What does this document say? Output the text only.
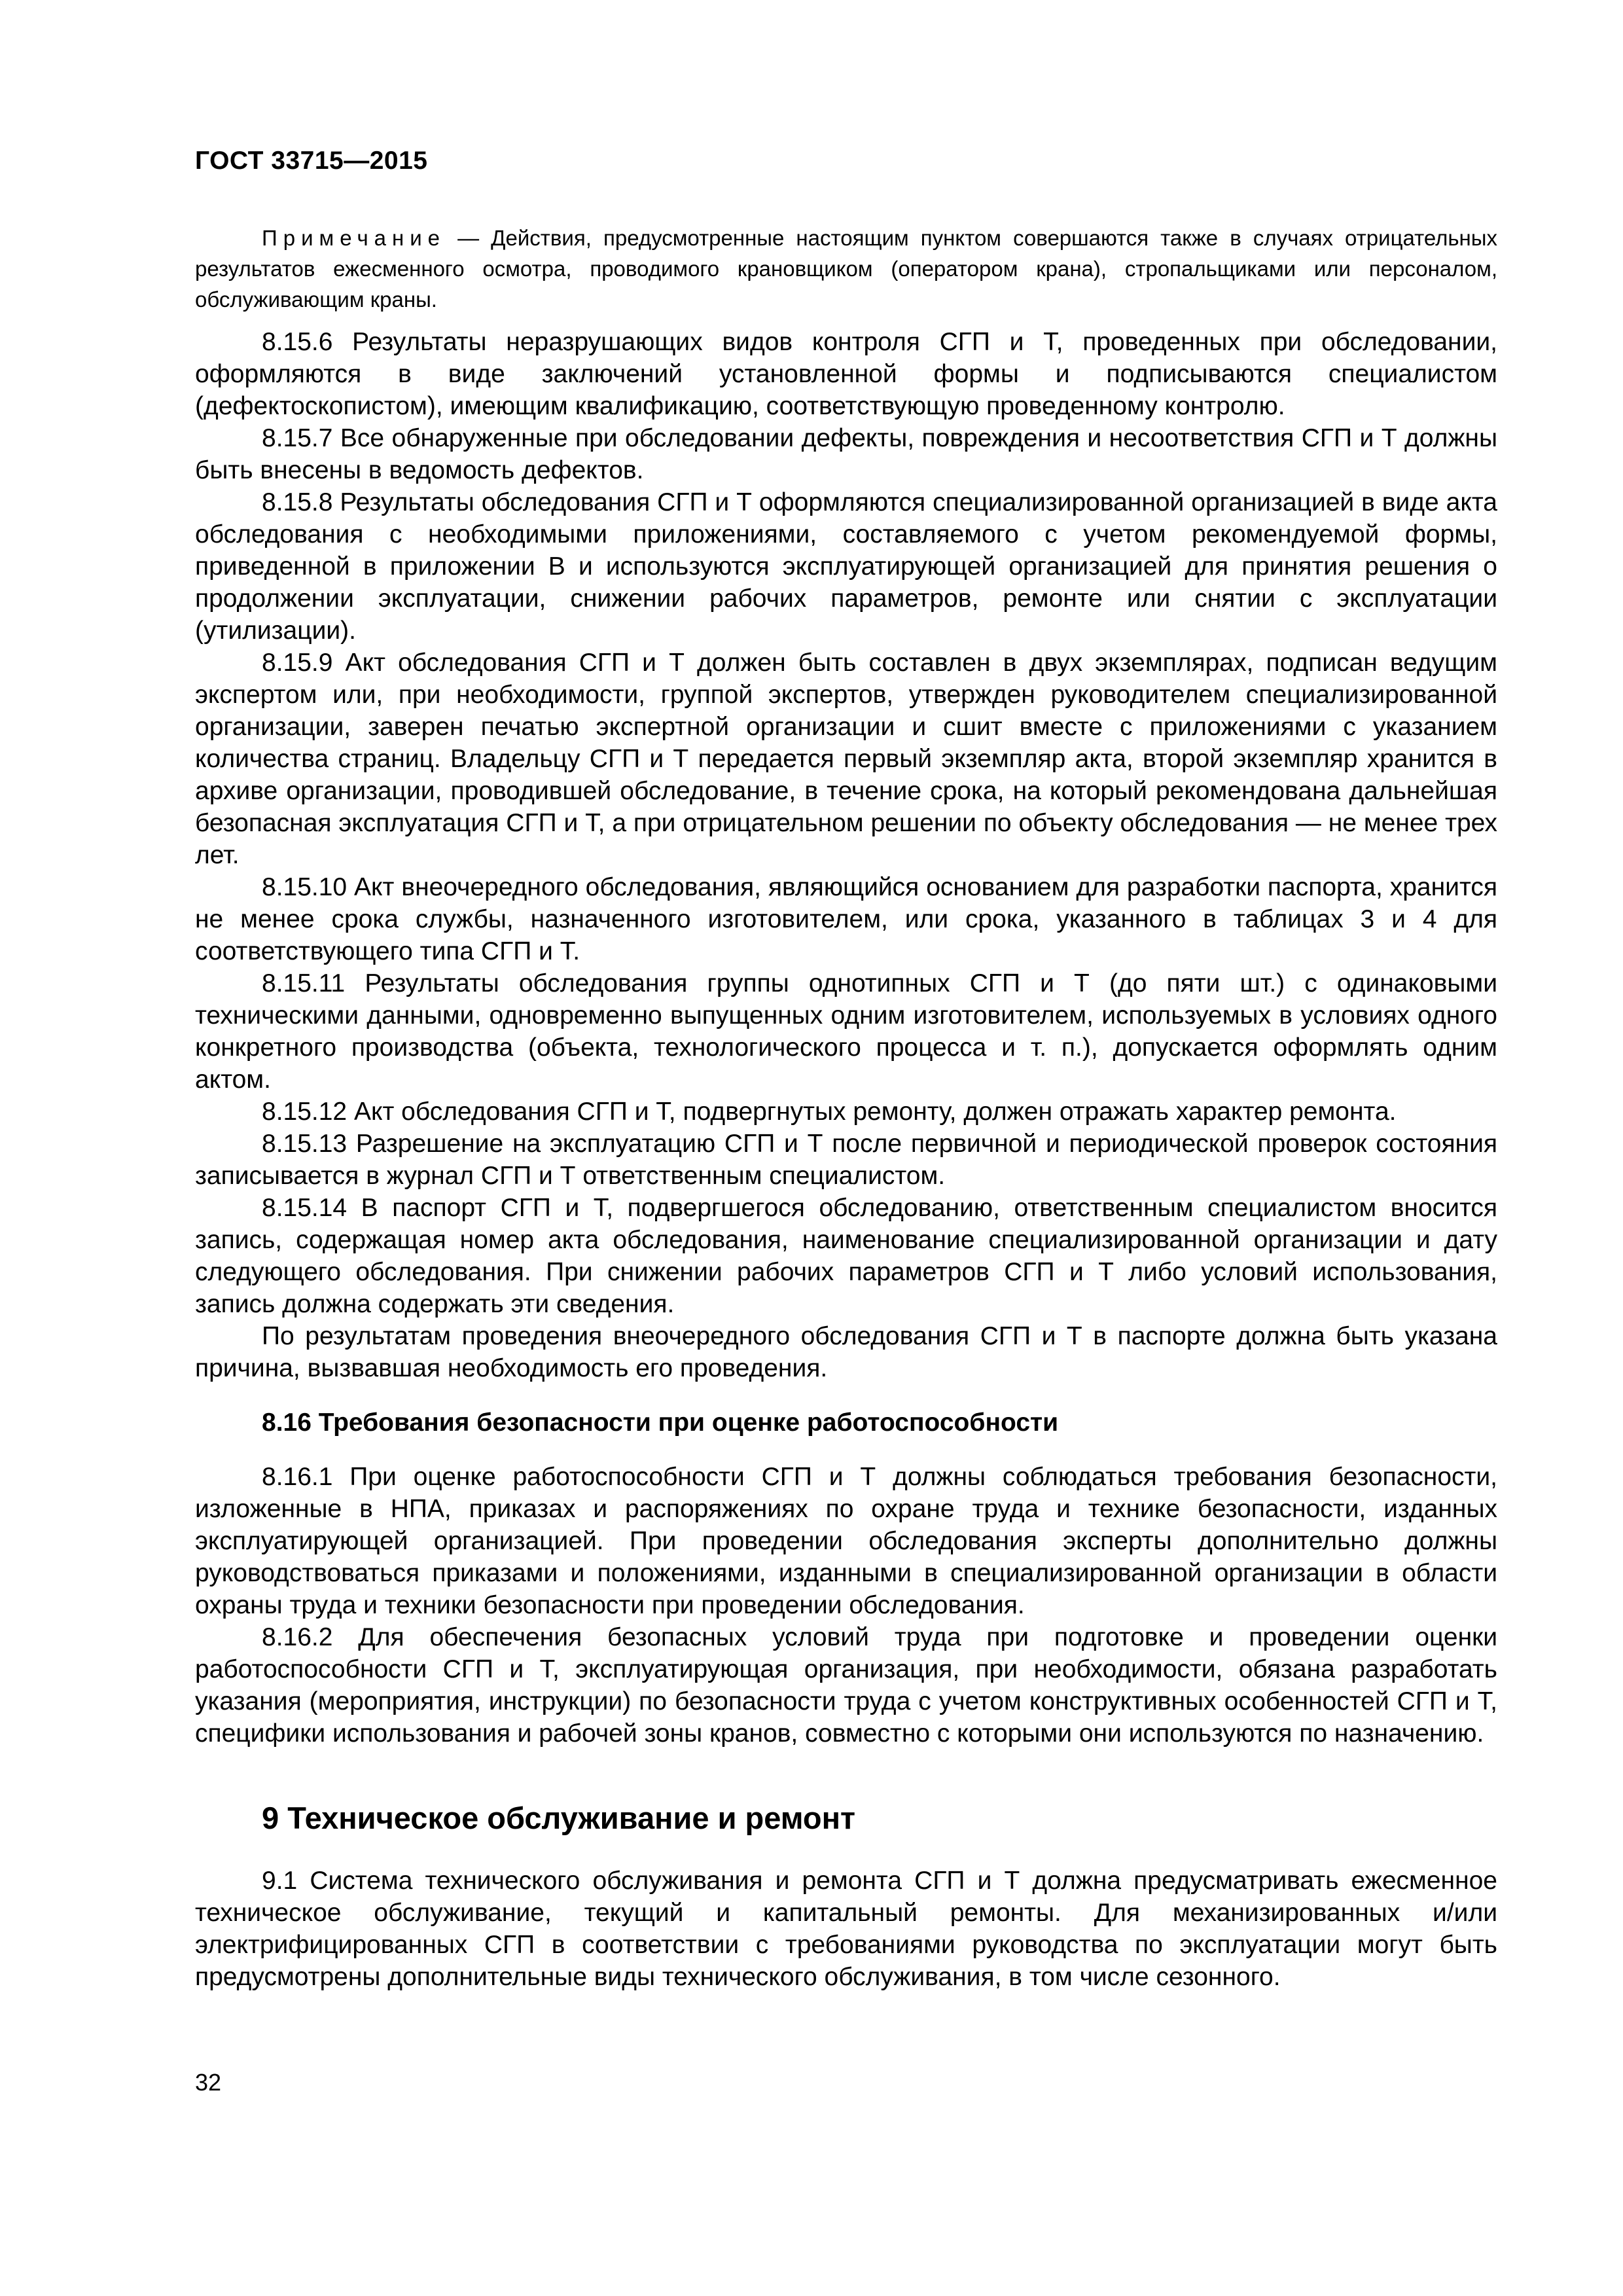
ГОСТ 33715—2015
Примечание — Действия, предусмотренные настоящим пунктом совершаются также в случаях отрицательных результатов ежесменного осмотра, проводимого крановщиком (оператором крана), стропальщиками или персоналом, обслуживающим краны.

8.15.6 Результаты неразрушающих видов контроля СГП и Т, проведенных при обследовании, оформляются в виде заключений установленной формы и подписываются специалистом (дефектоскопистом), имеющим квалификацию, соответствующую проведенному контролю.

8.15.7 Все обнаруженные при обследовании дефекты, повреждения и несоответствия СГП и Т должны быть внесены в ведомость дефектов.

8.15.8 Результаты обследования СГП и Т оформляются специализированной организацией в виде акта обследования с необходимыми приложениями, составляемого с учетом рекомендуемой формы, приведенной в приложении В и используются эксплуатирующей организацией для принятия решения о продолжении эксплуатации, снижении рабочих параметров, ремонте или снятии с эксплуатации (утилизации).

8.15.9 Акт обследования СГП и Т должен быть составлен в двух экземплярах, подписан ведущим экспертом или, при необходимости, группой экспертов, утвержден руководителем специализированной организации, заверен печатью экспертной организации и сшит вместе с приложениями с указанием количества страниц. Владельцу СГП и Т передается первый экземпляр акта, второй экземпляр хранится в архиве организации, проводившей обследование, в течение срока, на который рекомендована дальнейшая безопасная эксплуатация СГП и Т, а при отрицательном решении по объекту обследования — не менее трех лет.

8.15.10 Акт внеочередного обследования, являющийся основанием для разработки паспорта, хранится не менее срока службы, назначенного изготовителем, или срока, указанного в таблицах 3 и 4 для соответствующего типа СГП и Т.

8.15.11 Результаты обследования группы однотипных СГП и Т (до пяти шт.) с одинаковыми техническими данными, одновременно выпущенных одним изготовителем, используемых в условиях одного конкретного производства (объекта, технологического процесса и т. п.), допускается оформлять одним актом.

8.15.12 Акт обследования СГП и Т, подвергнутых ремонту, должен отражать характер ремонта.

8.15.13 Разрешение на эксплуатацию СГП и Т после первичной и периодической проверок состояния записывается в журнал СГП и Т ответственным специалистом.

8.15.14 В паспорт СГП и Т, подвергшегося обследованию, ответственным специалистом вносится запись, содержащая номер акта обследования, наименование специализированной организации и дату следующего обследования. При снижении рабочих параметров СГП и Т либо условий использования, запись должна содержать эти сведения.

По результатам проведения внеочередного обследования СГП и Т в паспорте должна быть указана причина, вызвавшая необходимость его проведения.

8.16 Требования безопасности при оценке работоспособности

8.16.1 При оценке работоспособности СГП и Т должны соблюдаться требования безопасности, изложенные в НПА, приказах и распоряжениях по охране труда и технике безопасности, изданных эксплуатирующей организацией. При проведении обследования эксперты дополнительно должны руководствоваться приказами и положениями, изданными в специализированной организации в области охраны труда и техники безопасности при проведении обследования.

8.16.2 Для обеспечения безопасных условий труда при подготовке и проведении оценки работоспособности СГП и Т, эксплуатирующая организация, при необходимости, обязана разработать указания (мероприятия, инструкции) по безопасности труда с учетом конструктивных особенностей СГП и Т, специфики использования и рабочей зоны кранов, совместно с которыми они используются по назначению.

9 Техническое обслуживание и ремонт

9.1 Система технического обслуживания и ремонта СГП и Т должна предусматривать ежесменное техническое обслуживание, текущий и капитальный ремонты. Для механизированных и/или электрифицированных СГП в соответствии с требованиями руководства по эксплуатации могут быть предусмотрены дополнительные виды технического обслуживания, в том числе сезонного.

32
